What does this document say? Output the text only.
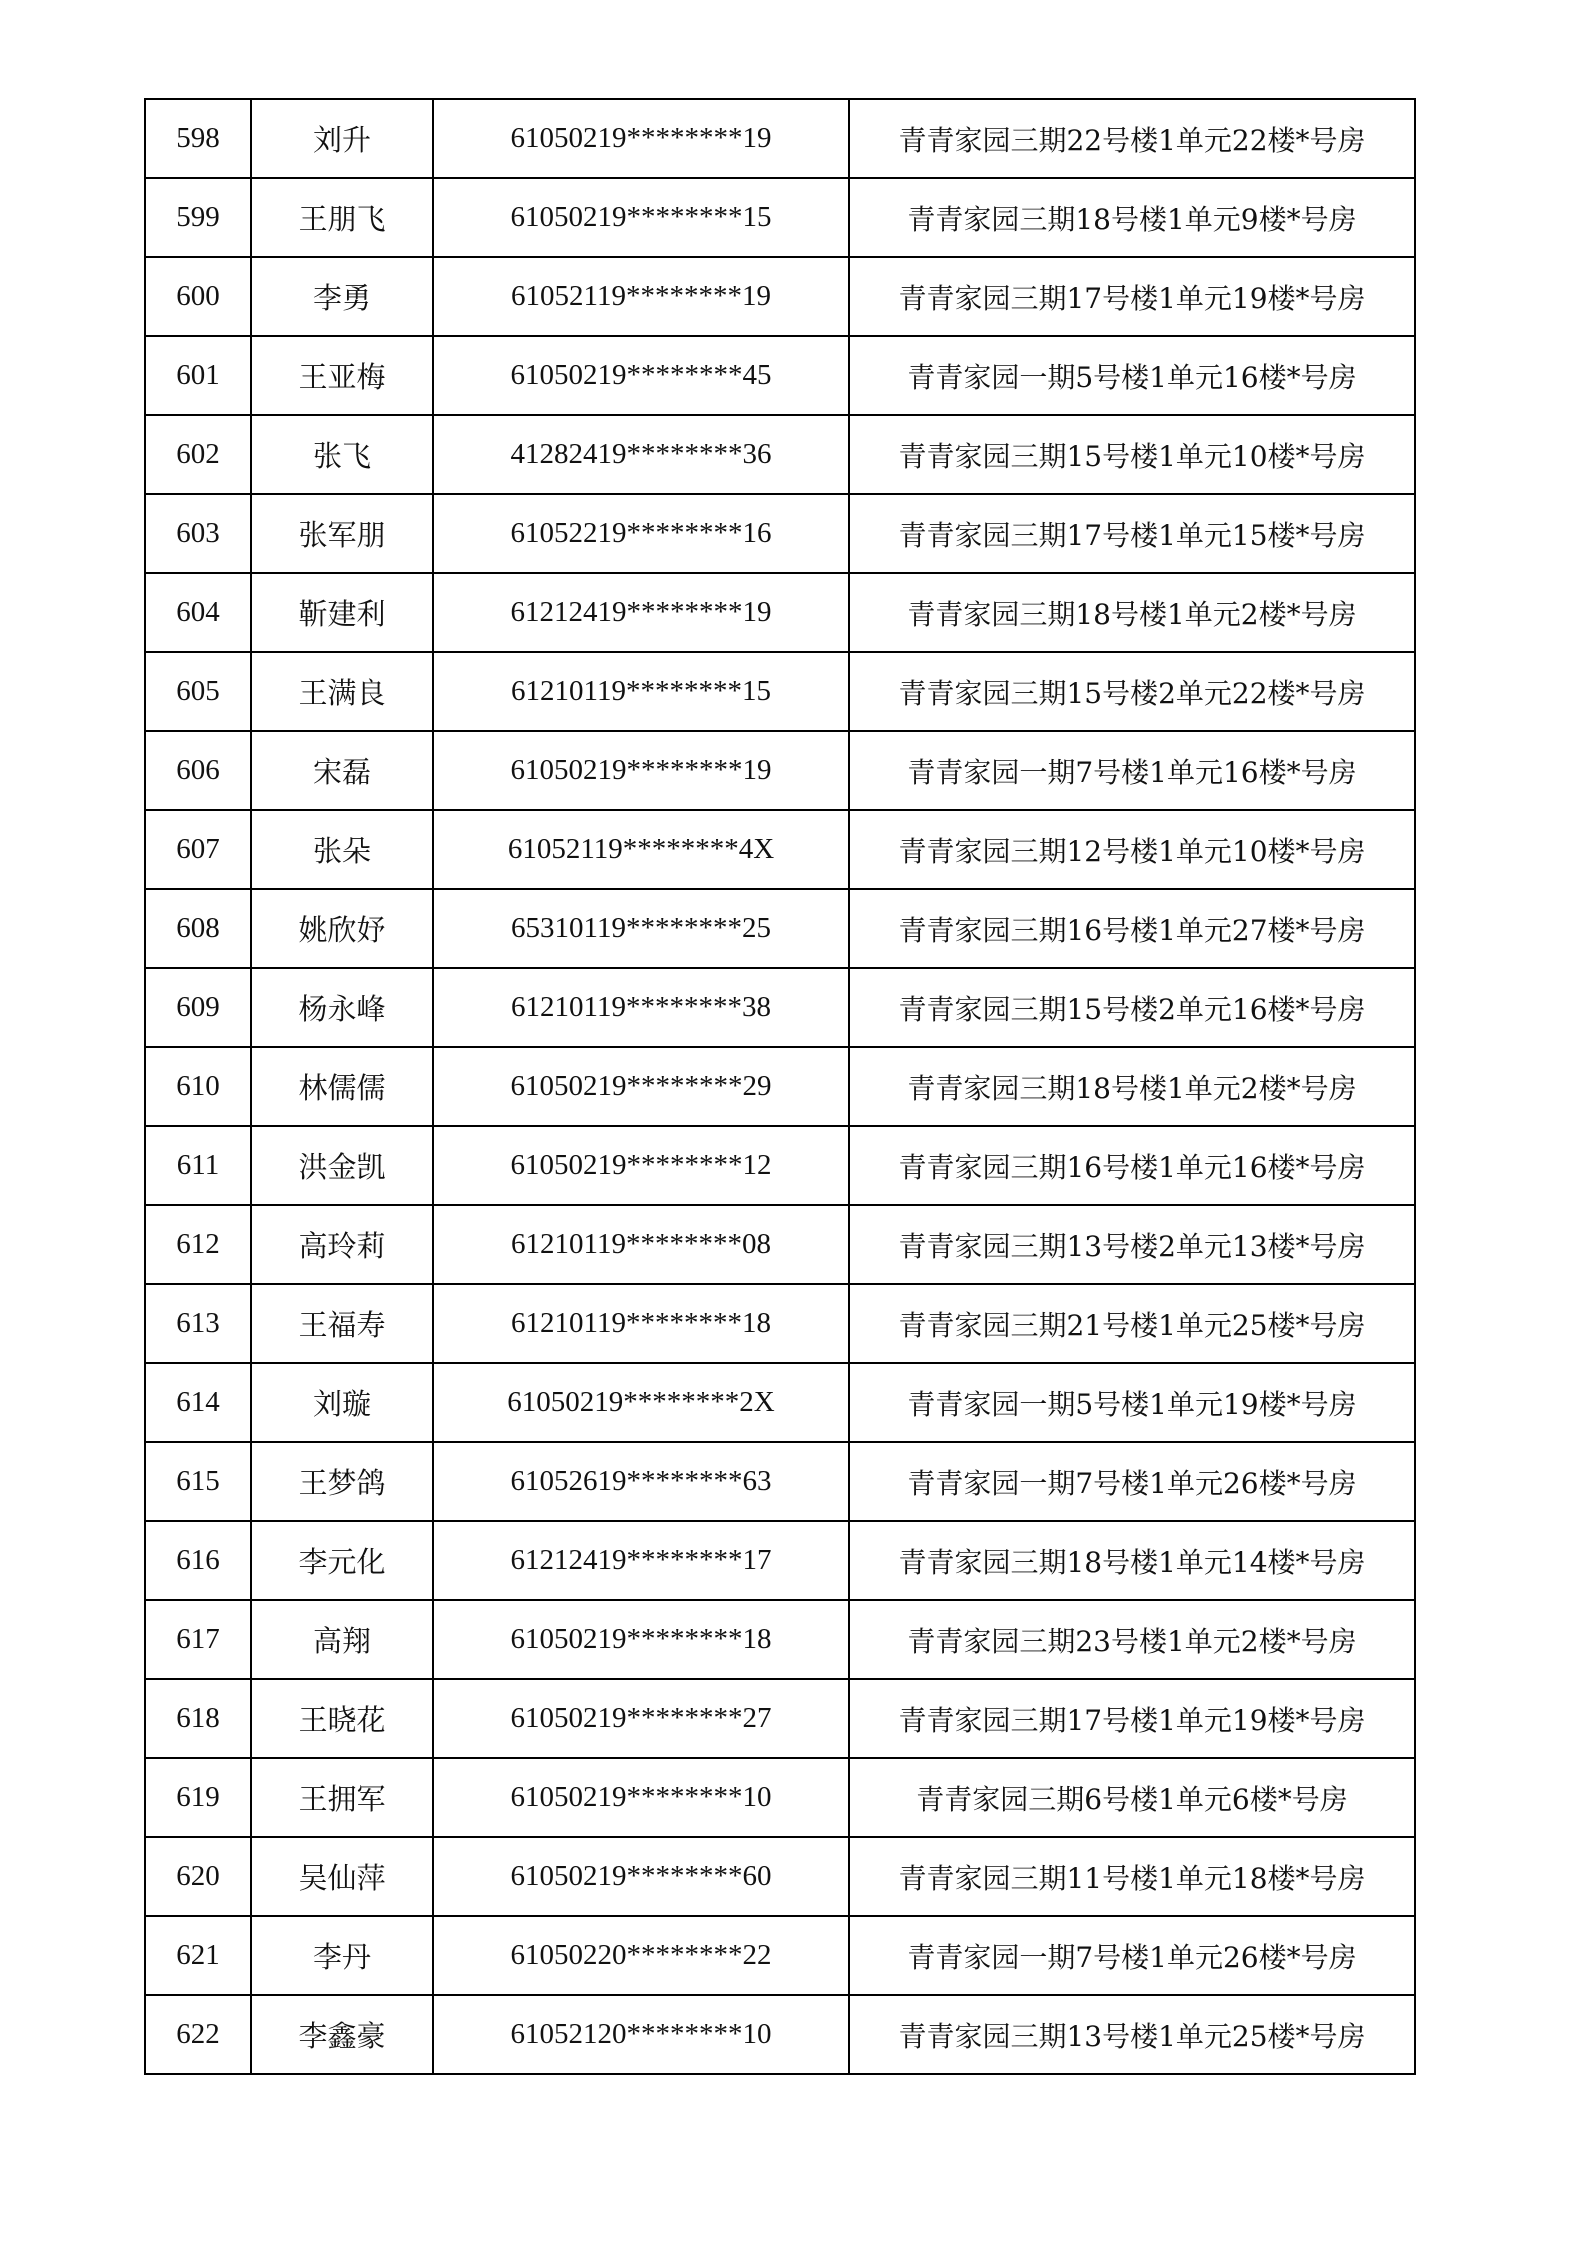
598	刘升	61050219********19	青青家园三期22号楼1单元22楼*号房
599	王朋飞	61050219********15	青青家园三期18号楼1单元9楼*号房
600	李勇	61052119********19	青青家园三期17号楼1单元19楼*号房
601	王亚梅	61050219********45	青青家园一期5号楼1单元16楼*号房
602	张飞	41282419********36	青青家园三期15号楼1单元10楼*号房
603	张军朋	61052219********16	青青家园三期17号楼1单元15楼*号房
604	靳建利	61212419********19	青青家园三期18号楼1单元2楼*号房
605	王满良	61210119********15	青青家园三期15号楼2单元22楼*号房
606	宋磊	61050219********19	青青家园一期7号楼1单元16楼*号房
607	张朵	61052119********4X	青青家园三期12号楼1单元10楼*号房
608	姚欣妤	65310119********25	青青家园三期16号楼1单元27楼*号房
609	杨永峰	61210119********38	青青家园三期15号楼2单元16楼*号房
610	林儒儒	61050219********29	青青家园三期18号楼1单元2楼*号房
611	洪金凯	61050219********12	青青家园三期16号楼1单元16楼*号房
612	高玲莉	61210119********08	青青家园三期13号楼2单元13楼*号房
613	王福寿	61210119********18	青青家园三期21号楼1单元25楼*号房
614	刘璇	61050219********2X	青青家园一期5号楼1单元19楼*号房
615	王梦鸽	61052619********63	青青家园一期7号楼1单元26楼*号房
616	李元化	61212419********17	青青家园三期18号楼1单元14楼*号房
617	高翔	61050219********18	青青家园三期23号楼1单元2楼*号房
618	王晓花	61050219********27	青青家园三期17号楼1单元19楼*号房
619	王拥军	61050219********10	青青家园三期6号楼1单元6楼*号房
620	吴仙萍	61050219********60	青青家园三期11号楼1单元18楼*号房
621	李丹	61050220********22	青青家园一期7号楼1单元26楼*号房
622	李鑫豪	61052120********10	青青家园三期13号楼1单元25楼*号房
